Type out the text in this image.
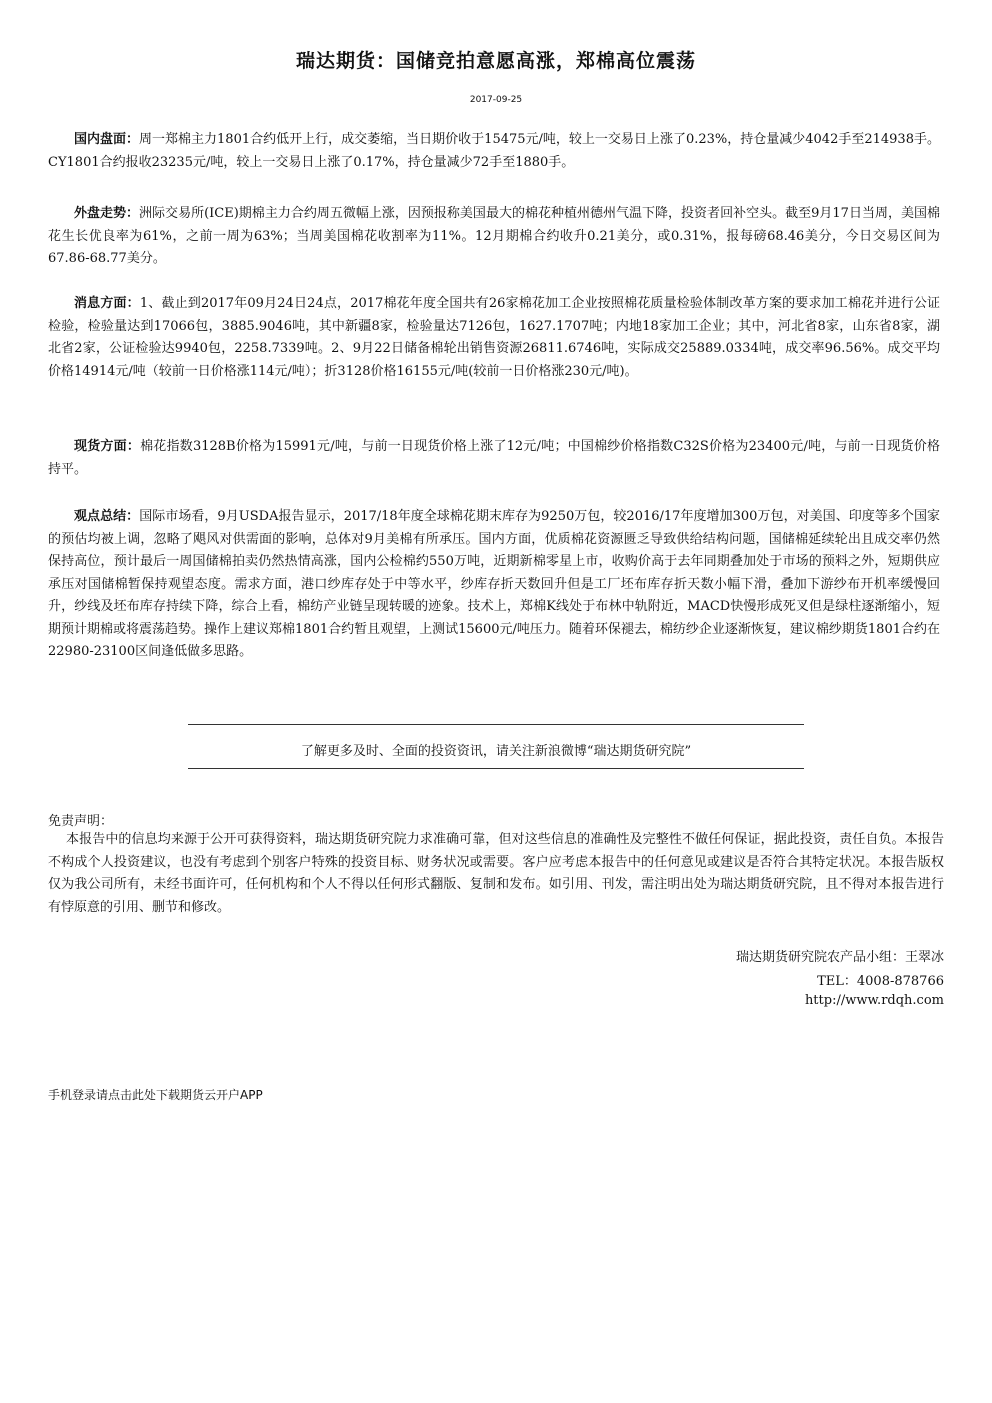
瑞达期货：国储竞拍意愿高涨，郑棉高位震荡
2017-09-25

国内盘面：周一郑棉主力1801合约低开上行，成交萎缩，当日期价收于15475元/吨，较上一交易日上涨了0.23%，持仓量减少4042手至214938手。CY1801合约报收23235元/吨，较上一交易日上涨了0.17%，持仓量减少72手至1880手。

外盘走势：洲际交易所(ICE)期棉主力合约周五微幅上涨，因预报称美国最大的棉花种植州德州气温下降，投资者回补空头。截至9月17日当周，美国棉花生长优良率为61%，之前一周为63%；当周美国棉花收割率为11%。12月期棉合约收升0.21美分，或0.31%，报每磅68.46美分，今日交易区间为67.86-68.77美分。

消息方面：1、截止到2017年09月24日24点，2017棉花年度全国共有26家棉花加工企业按照棉花质量检验体制改革方案的要求加工棉花并进行公证检验，检验量达到17066包，3885.9046吨，其中新疆8家，检验量达7126包，1627.1707吨；内地18家加工企业；其中，河北省8家，山东省8家，湖北省2家，公证检验达9940包，2258.7339吨。2、9月22日储备棉轮出销售资源26811.6746吨，实际成交25889.0334吨，成交率96.56%。成交平均价格14914元/吨（较前一日价格涨114元/吨）；折3128价格16155元/吨(较前一日价格涨230元/吨)。

现货方面：棉花指数3128B价格为15991元/吨，与前一日现货价格上涨了12元/吨；中国棉纱价格指数C32S价格为23400元/吨，与前一日现货价格持平。

观点总结：国际市场看，9月USDA报告显示，2017/18年度全球棉花期末库存为9250万包，较2016/17年度增加300万包，对美国、印度等多个国家的预估均被上调，忽略了飓风对供需面的影响，总体对9月美棉有所承压。国内方面，优质棉花资源匮乏导致供给结构问题，国储棉延续轮出且成交率仍然保持高位，预计最后一周国储棉拍卖仍然热情高涨，国内公检棉约550万吨，近期新棉零星上市，收购价高于去年同期叠加处于市场的预料之外，短期供应承压对国储棉暂保持观望态度。需求方面，港口纱库存处于中等水平，纱库存折天数回升但是工厂坯布库存折天数小幅下滑，叠加下游纱布开机率缓慢回升，纱线及坯布库存持续下降，综合上看，棉纺产业链呈现转暖的迹象。技术上，郑棉K线处于布林中轨附近，MACD快慢形成死叉但是绿柱逐渐缩小，短期预计期棉或将震荡趋势。操作上建议郑棉1801合约暂且观望，上测试15600元/吨压力。随着环保褪去，棉纺纱企业逐渐恢复，建议棉纱期货1801合约在22980-23100区间逢低做多思路。

了解更多及时、全面的投资资讯，请关注新浪微博“瑞达期货研究院”
免责声明：

本报告中的信息均来源于公开可获得资料，瑞达期货研究院力求准确可靠，但对这些信息的准确性及完整性不做任何保证，据此投资，责任自负。本报告不构成个人投资建议，也没有考虑到个别客户特殊的投资目标、财务状况或需要。客户应考虑本报告中的任何意见或建议是否符合其特定状况。本报告版权仅为我公司所有，未经书面许可，任何机构和个人不得以任何形式翻版、复制和发布。如引用、刊发，需注明出处为瑞达期货研究院，且不得对本报告进行有悖原意的引用、删节和修改。

瑞达期货研究院农产品小组：王翠冰
TEL：4008-878766
http://www.rdqh.com
手机登录请点击此处下载期货云开户APP
